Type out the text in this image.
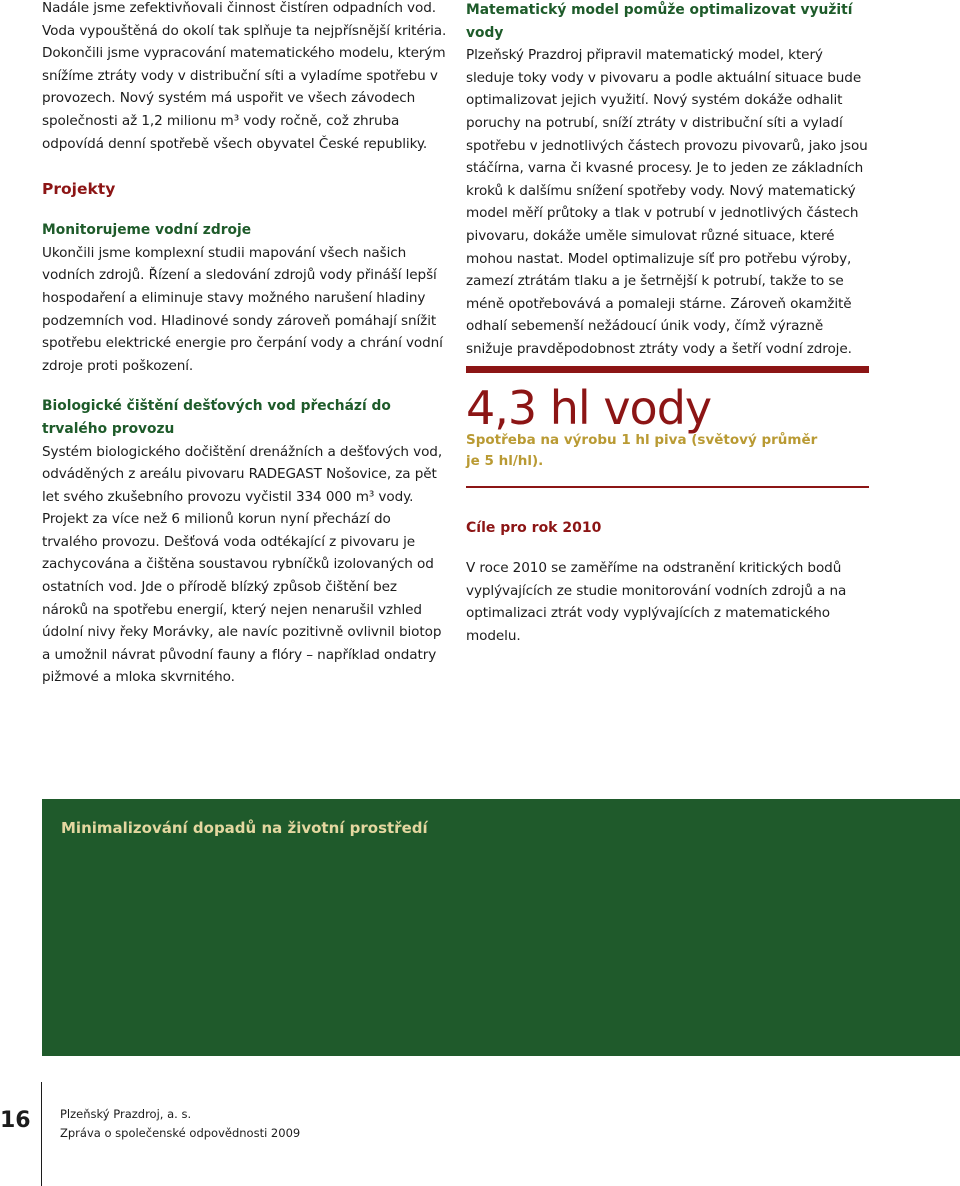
Nadále jsme zefektivňovali činnost čistíren odpadních vod. Voda vypouštěná do okolí tak splňuje ta nejpřísnější kritéria. Dokončili jsme vypracování matematického modelu, kterým snížíme ztráty vody v distribuční síti a vyladíme spotřebu v provozech. Nový systém má uspořit ve všech závodech společnosti až 1,2 milionu m³ vody ročně, což zhruba odpovídá denní spotřebě všech obyvatel České republiky.

Projekty
Monitorujeme vodní zdroje

Ukončili jsme komplexní studii mapování všech našich vodních zdrojů. Řízení a sledování zdrojů vody přináší lepší hospodaření a eliminuje stavy možného narušení hladiny podzemních vod. Hladinové sondy zároveň pomáhají snížit spotřebu elektrické energie pro čerpání vody a chrání vodní zdroje proti poškození.

Biologické čištění dešťových vod přechází do trvalého provozu

Systém biologického dočištění drenážních a dešťových vod, odváděných z areálu pivovaru RADEGAST Nošovice, za pět let svého zkušebního provozu vyčistil 334 000 m³ vody. Projekt za více než 6 milionů korun nyní přechází do trvalého provozu. Dešťová voda odtékající z pivovaru je zachycována a čištěna soustavou rybníčků izolovaných od ostatních vod. Jde o přírodě blízký způsob čištění bez nároků na spotřebu energií, který nejen nenarušil vzhled údolní nivy řeky Morávky, ale navíc pozitivně ovlivnil biotop a umožnil návrat původní fauny a flóry – například ondatry pižmové a mloka skvrnitého.

Matematický model pomůže optimalizovat využití vody

Plzeňský Prazdroj připravil matematický model, který sleduje toky vody v pivovaru a podle aktuální situace bude optimalizovat jejich využití. Nový systém dokáže odhalit poruchy na potrubí, sníží ztráty v distribuční síti a vyladí spotřebu v jednotlivých částech provozu pivovarů, jako jsou stáčírna, varna či kvasné procesy. Je to jeden ze základních kroků k dalšímu snížení spotřeby vody. Nový matematický model měří průtoky a tlak v potrubí v jednotlivých částech pivovaru, dokáže uměle simulovat různé situace, které mohou nastat. Model optimalizuje síť pro potřebu výroby, zamezí ztrátám tlaku a je šetrnější k potrubí, takže to se méně opotřebovává a pomaleji stárne. Zároveň okamžitě odhalí sebemenší nežádoucí únik vody, čímž výrazně snižuje pravděpodobnost ztráty vody a šetří vodní zdroje.

4,3 hl vody

Spotřeba na výrobu 1 hl piva (světový průměr je 5 hl/hl).

Cíle pro rok 2010

V roce 2010 se zaměříme na odstranění kritických bodů vyplývajících ze studie monitorování vodních zdrojů a na optimalizaci ztrát vody vyplývajících z matematického modelu.

Minimalizování dopadů na životní prostředí

16	Plzeňský Prazdroj, a. s.

Zpráva o společenské odpovědnosti 2009
